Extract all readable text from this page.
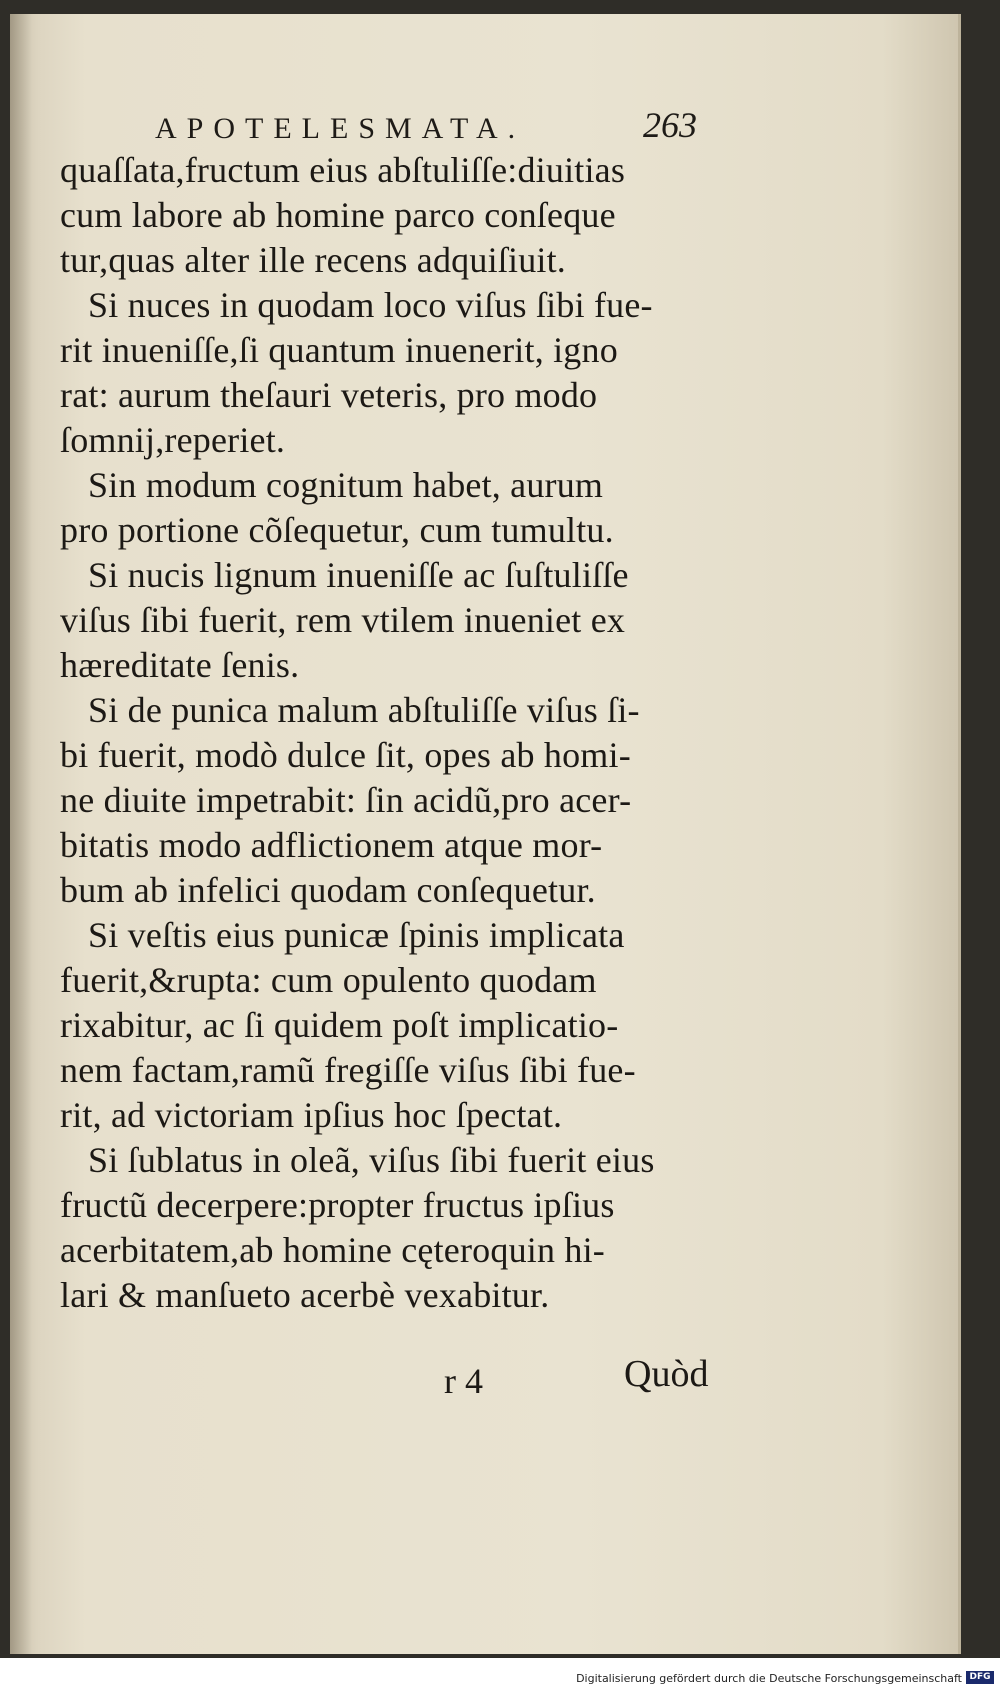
APOTELESMATA.	263
quaſſata,fructum eius abſtuliſſe:diuitias
cum labore ab homine parco conſeque
tur,quas alter ille recens adquiſiuit.
Si nuces in quodam loco viſus ſibi fue-
rit inueniſſe,ſi quantum inuenerit, igno
rat: aurum theſauri veteris, pro modo
ſomnij,reperiet.
Sin modum cognitum habet, aurum
pro portione cõſequetur, cum tumultu.
Si nucis lignum inueniſſe ac ſuſtuliſſe
viſus ſibi fuerit, rem vtilem inueniet ex
hæreditate ſenis.
Si de punica malum abſtuliſſe viſus ſi-
bi fuerit, modò dulce ſit, opes ab homi-
ne diuite impetrabit: ſin acidũ,pro acer-
bitatis modo adflictionem atque mor-
bum ab infelici quodam conſequetur.
Si veſtis eius punicæ ſpinis implicata
fuerit,&rupta: cum opulento quodam
rixabitur, ac ſi quidem poſt implicatio-
nem factam,ramũ fregiſſe viſus ſibi fue-
rit, ad victoriam ipſius hoc ſpectat.
Si ſublatus in oleã, viſus ſibi fuerit eius
fructũ decerpere:propter fructus ipſius
acerbitatem,ab homine cęteroquin hi-
lari & manſueto acerbè vexabitur.
r 4	Quòd
Digitalisierung gefördert durch die Deutsche Forschungsgemeinschaft DFG
